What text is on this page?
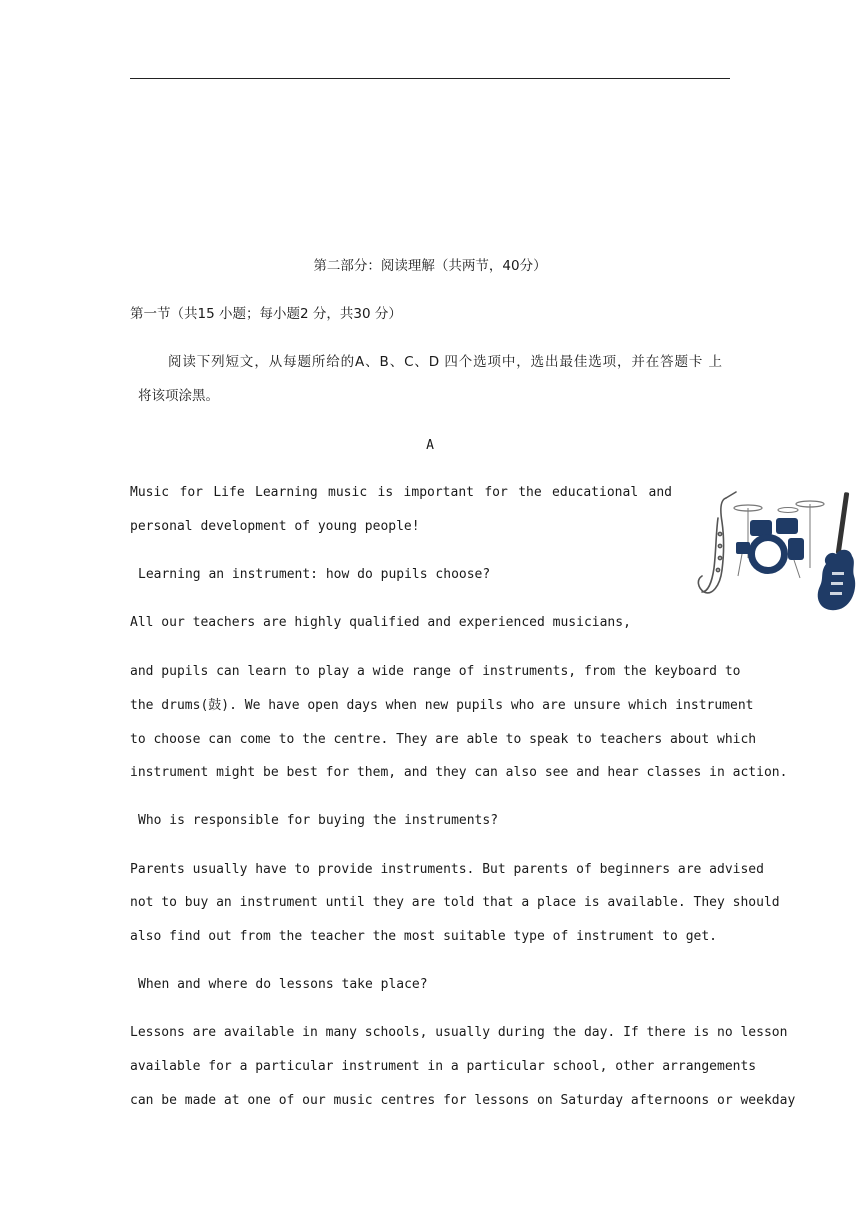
第二部分：阅读理解（共两节，40分）
第一节（共15 小题；每小题2 分，共30 分）
阅读下列短文，从每题所给的A、B、C、D 四个选项中，选出最佳选项，并在答题卡 上
将该项涂黑。
A
Music for Life Learning music is important for the educational and
personal development of young people!
Learning an instrument: how do pupils choose?
All our teachers are highly qualified and experienced musicians,
and pupils can learn to play a wide range of instruments, from the keyboard to
the drums(鼓). We have open days when new pupils who are unsure which instrument
to choose can come to the centre. They are able to speak to teachers about which
instrument might be best for them, and they can also see and hear classes in action.
Who is responsible for buying the instruments?
Parents usually have to provide instruments. But parents of beginners are advised
not to buy an instrument until they are told that a place is available. They should
also find out from the teacher the most suitable type of instrument to get.
When and where do lessons take place?
Lessons are available in many schools, usually during the day. If there is no lesson
available for a particular instrument in a particular school, other arrangements
can be made at one of our music centres for lessons on Saturday afternoons or weekday
